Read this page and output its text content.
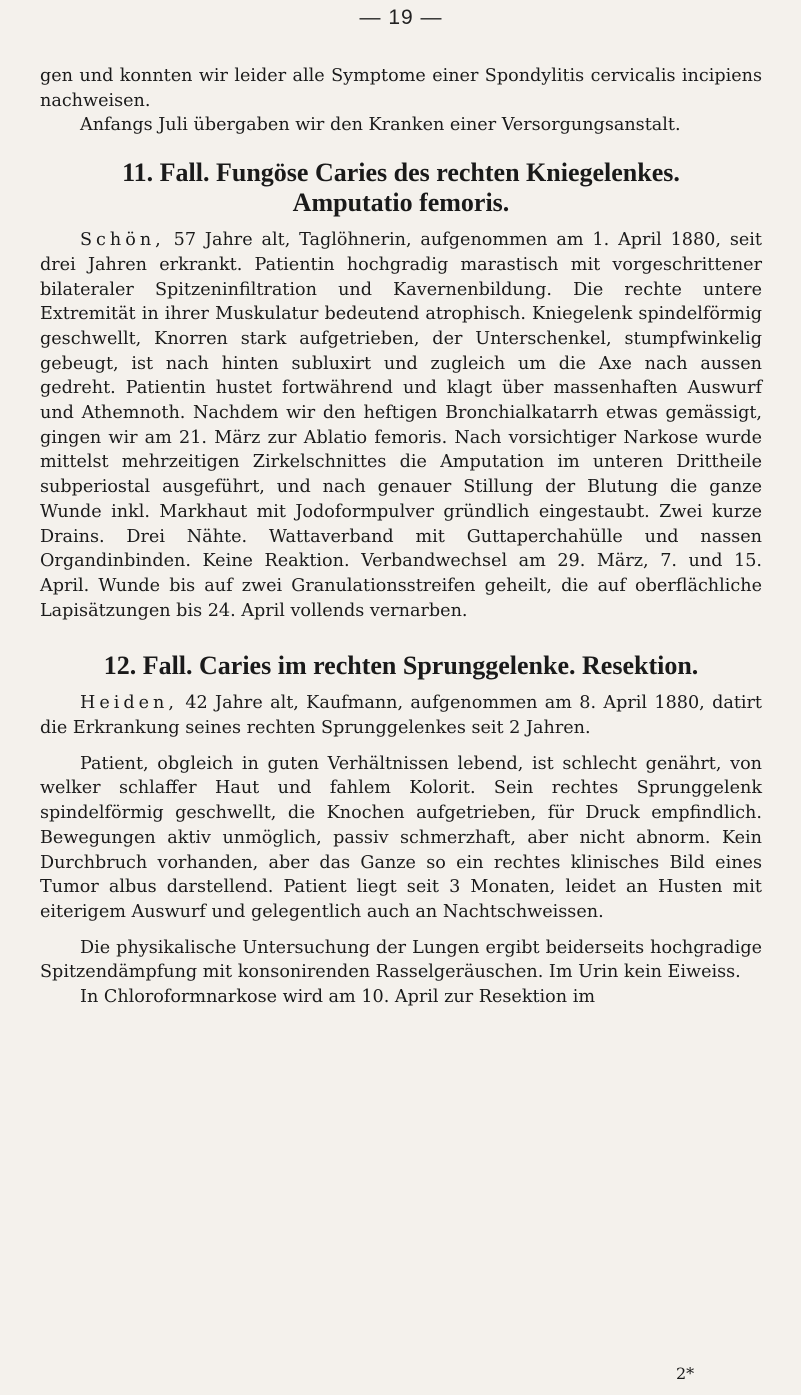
— 19 —

gen und konnten wir leider alle Symptome einer Spondylitis cervicalis incipiens nachweisen.

Anfangs Juli übergaben wir den Kranken einer Versorgungsanstalt.

11. Fall. Fungöse Caries des rechten Kniegelenkes.
Amputatio femoris.

Schön, 57 Jahre alt, Taglöhnerin, aufgenommen am 1. April 1880, seit drei Jahren erkrankt. Patientin hochgradig marastisch mit vorgeschrittener bilateraler Spitzeninfiltration und Kavernenbildung. Die rechte untere Extremität in ihrer Muskulatur bedeutend atrophisch. Kniegelenk spindelförmig geschwellt, Knorren stark aufgetrieben, der Unterschenkel, stumpfwinkelig gebeugt, ist nach hinten subluxirt und zugleich um die Axe nach aussen gedreht. Patientin hustet fortwährend und klagt über massenhaften Auswurf und Athemnoth. Nachdem wir den heftigen Bronchialkatarrh etwas gemässigt, gingen wir am 21. März zur Ablatio femoris. Nach vorsichtiger Narkose wurde mittelst mehrzeitigen Zirkelschnittes die Amputation im unteren Drittheile subperiostal ausgeführt, und nach genauer Stillung der Blutung die ganze Wunde inkl. Markhaut mit Jodoformpulver gründlich eingestaubt. Zwei kurze Drains. Drei Nähte. Wattaverband mit Guttaperchahülle und nassen Organdinbinden. Keine Reaktion. Verbandwechsel am 29. März, 7. und 15. April. Wunde bis auf zwei Granulationsstreifen geheilt, die auf oberflächliche Lapisätzungen bis 24. April vollends vernarben.

12. Fall. Caries im rechten Sprunggelenke. Resektion.

Heiden, 42 Jahre alt, Kaufmann, aufgenommen am 8. April 1880, datirt die Erkrankung seines rechten Sprunggelenkes seit 2 Jahren.

Patient, obgleich in guten Verhältnissen lebend, ist schlecht genährt, von welker schlaffer Haut und fahlem Kolorit. Sein rechtes Sprunggelenk spindelförmig geschwellt, die Knochen aufgetrieben, für Druck empfindlich. Bewegungen aktiv unmöglich, passiv schmerzhaft, aber nicht abnorm. Kein Durchbruch vorhanden, aber das Ganze so ein rechtes klinisches Bild eines Tumor albus darstellend. Patient liegt seit 3 Monaten, leidet an Husten mit eiterigem Auswurf und gelegentlich auch an Nachtschweissen.

Die physikalische Untersuchung der Lungen ergibt beiderseits hochgradige Spitzendämpfung mit konsonirenden Rasselgeräuschen. Im Urin kein Eiweiss.

In Chloroformnarkose wird am 10. April zur Resektion im

2*
